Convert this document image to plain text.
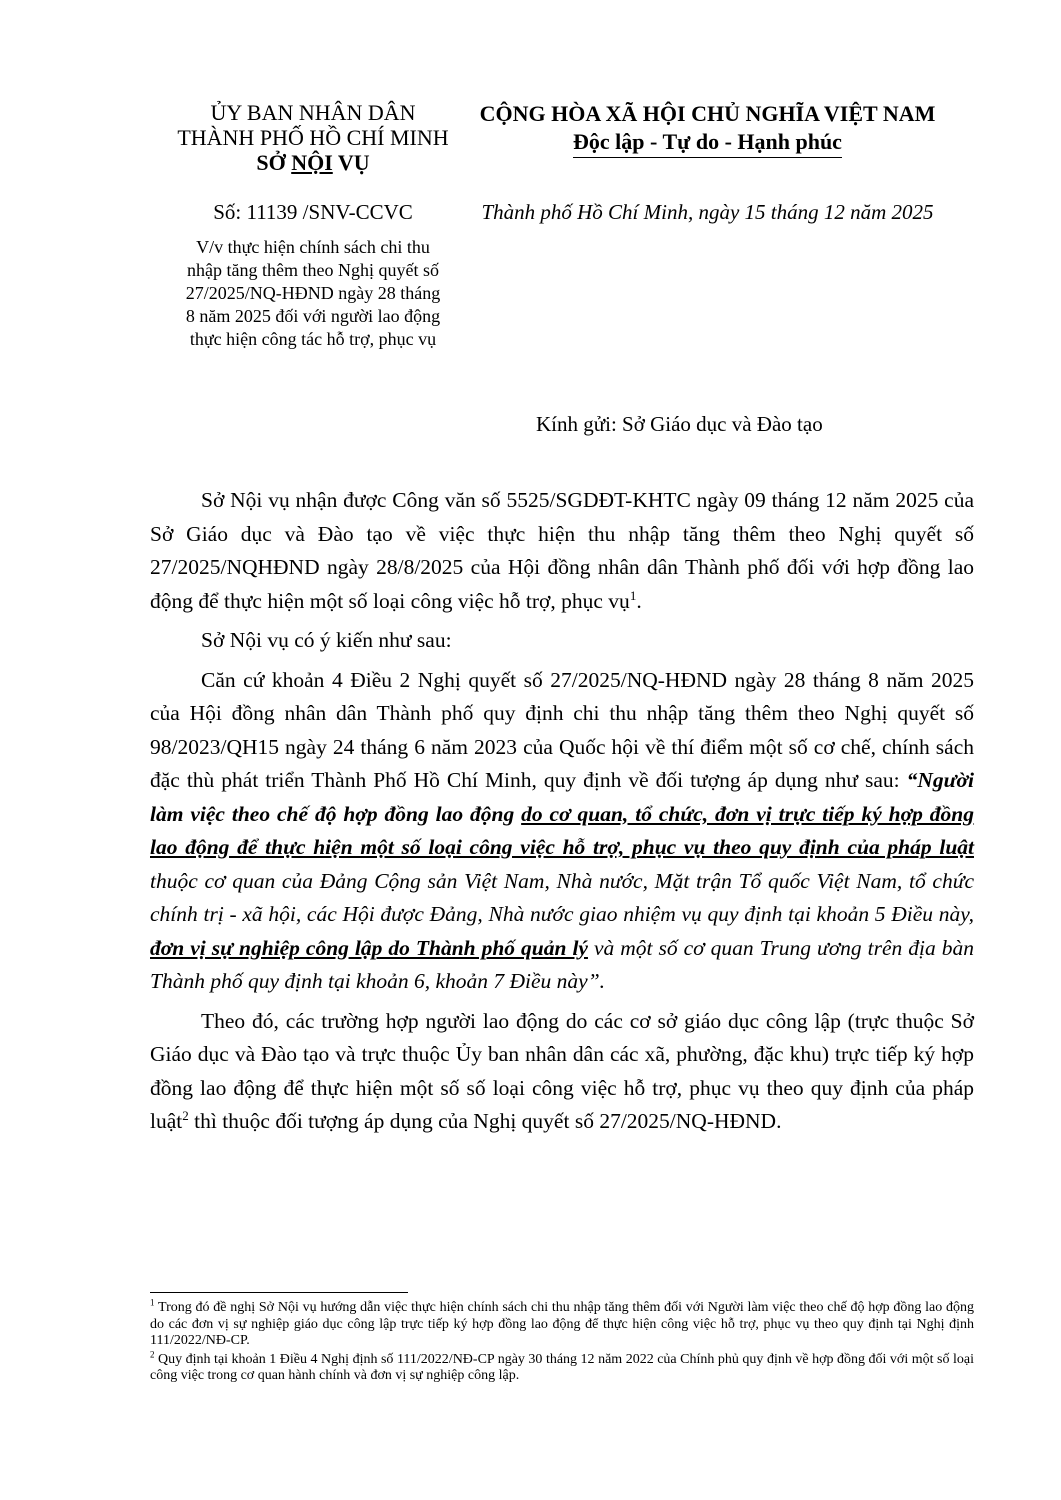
ỦY BAN NHÂN DÂN
THÀNH PHỐ HỒ CHÍ MINH
SỞ NỘI VỤ
CỘNG HÒA XÃ HỘI CHỦ NGHĨA VIỆT NAM
Độc lập - Tự do - Hạnh phúc
Số: 11139 /SNV-CCVC	Thành phố Hồ Chí Minh, ngày 15 tháng 12 năm 2025
V/v thực hiện chính sách chi thu
nhập tăng thêm theo Nghị quyết số
27/2025/NQ-HĐND ngày 28 tháng
8 năm 2025 đối với người lao động
thực hiện công tác hỗ trợ, phục vụ
Kính gửi: Sở Giáo dục và Đào tạo

Sở Nội vụ nhận được Công văn số 5525/SGDĐT-KHTC ngày 09 tháng 12 năm 2025 của Sở Giáo dục và Đào tạo về việc thực hiện thu nhập tăng thêm theo Nghị quyết số 27/2025/NQHĐND ngày 28/8/2025 của Hội đồng nhân dân Thành phố đối với hợp đồng lao động để thực hiện một số loại công việc hỗ trợ, phục vụ$^1$.

Sở Nội vụ có ý kiến như sau:

Căn cứ khoản 4 Điều 2 Nghị quyết số 27/2025/NQ-HĐND ngày 28 tháng 8 năm 2025 của Hội đồng nhân dân Thành phố quy định chi thu nhập tăng thêm theo Nghị quyết số 98/2023/QH15 ngày 24 tháng 6 năm 2023 của Quốc hội về thí điểm một số cơ chế, chính sách đặc thù phát triển Thành Phố Hồ Chí Minh, quy định về đối tượng áp dụng như sau: “Người làm việc theo chế độ hợp đồng lao động do cơ quan, tổ chức, đơn vị trực tiếp ký hợp đồng lao động để thực hiện một số loại công việc hỗ trợ, phục vụ theo quy định của pháp luật thuộc cơ quan của Đảng Cộng sản Việt Nam, Nhà nước, Mặt trận Tổ quốc Việt Nam, tổ chức chính trị - xã hội, các Hội được Đảng, Nhà nước giao nhiệm vụ quy định tại khoản 5 Điều này, đơn vị sự nghiệp công lập do Thành phố quản lý và một số cơ quan Trung ương trên địa bàn Thành phố quy định tại khoản 6, khoản 7 Điều này”.

Theo đó, các trường hợp người lao động do các cơ sở giáo dục công lập (trực thuộc Sở Giáo dục và Đào tạo và trực thuộc Ủy ban nhân dân các xã, phường, đặc khu) trực tiếp ký hợp đồng lao động để thực hiện một số số loại công việc hỗ trợ, phục vụ theo quy định của pháp luật$^2$ thì thuộc đối tượng áp dụng của Nghị quyết số 27/2025/NQ-HĐND.

$^1$ Trong đó đề nghị Sở Nội vụ hướng dẫn việc thực hiện chính sách chi thu nhập tăng thêm đối với Người làm việc theo chế độ hợp đồng lao động do các đơn vị sự nghiệp giáo dục công lập trực tiếp ký hợp đồng lao động để thực hiện công việc hỗ trợ, phục vụ theo quy định tại Nghị định 111/2022/NĐ-CP.

$^2$ Quy định tại khoản 1 Điều 4 Nghị định số 111/2022/NĐ-CP ngày 30 tháng 12 năm 2022 của Chính phủ quy định về hợp đồng đối với một số loại công việc trong cơ quan hành chính và đơn vị sự nghiệp công lập.
